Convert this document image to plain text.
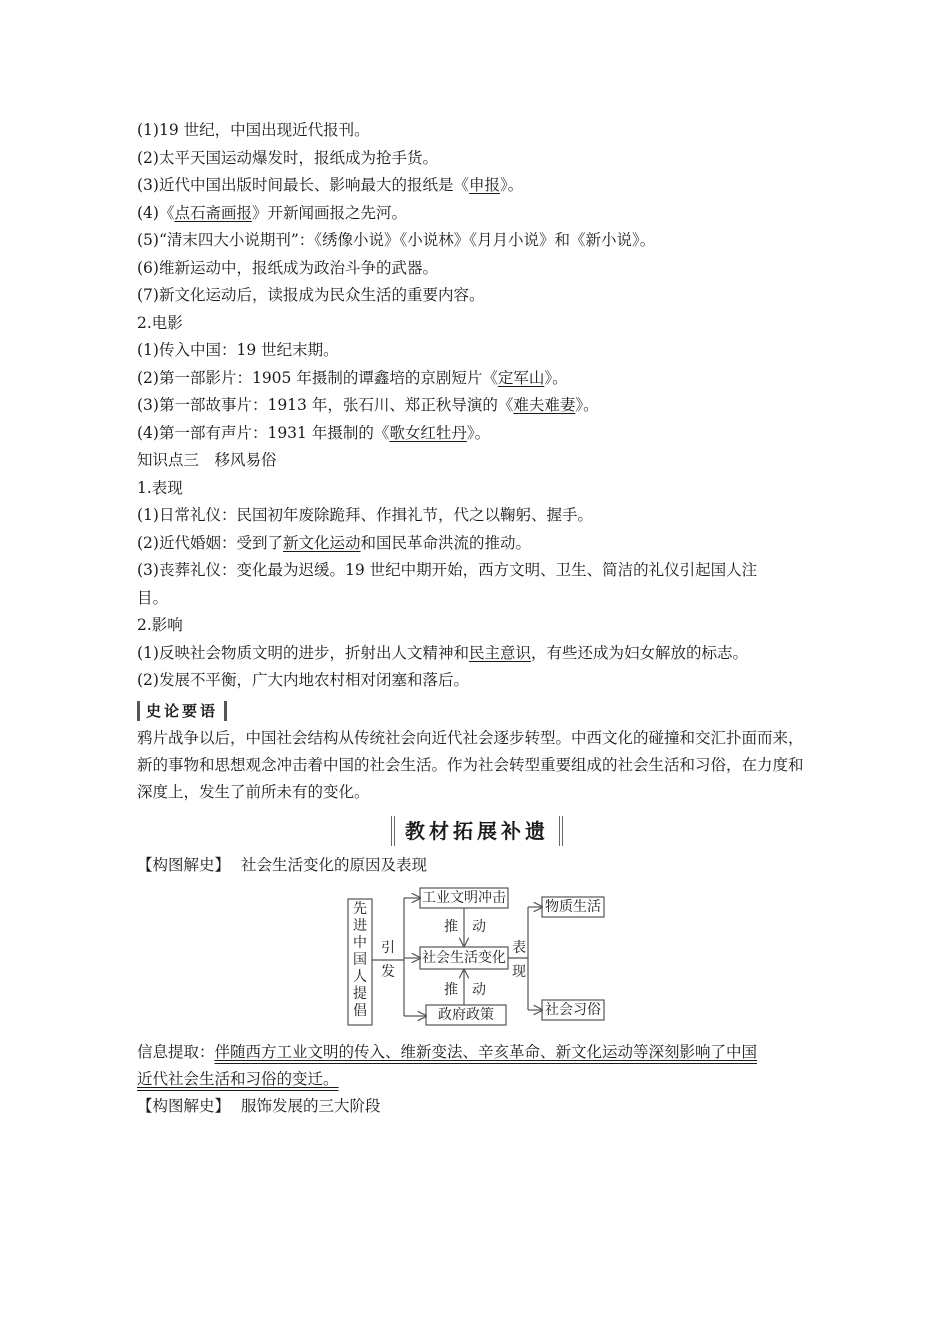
(1)19 世纪，中国出现近代报刊。
(2)太平天国运动爆发时，报纸成为抢手货。
(3)近代中国出版时间最长、影响最大的报纸是《申报》。
(4)《点石斋画报》开新闻画报之先河。
(5)“清末四大小说期刊”：《绣像小说》《小说林》《月月小说》和《新小说》。
(6)维新运动中，报纸成为政治斗争的武器。
(7)新文化运动后，读报成为民众生活的重要内容。
2.电影
(1)传入中国：19 世纪末期。
(2)第一部影片：1905 年摄制的谭鑫培的京剧短片《定军山》。
(3)第一部故事片：1913 年，张石川、郑正秋导演的《难夫难妻》。
(4)第一部有声片：1931 年摄制的《歌女红牡丹》。
知识点三　移风易俗
1.表现
(1)日常礼仪：民国初年废除跪拜、作揖礼节，代之以鞠躬、握手。
(2)近代婚姻：受到了新文化运动和国民革命洪流的推动。
(3)丧葬礼仪：变化最为迟缓。19 世纪中期开始，西方文明、卫生、简洁的礼仪引起国人注
目。
2.影响
(1)反映社会物质文明的进步，折射出人文精神和民主意识，有些还成为妇女解放的标志。
(2)发展不平衡，广大内地农村相对闭塞和落后。
史论要语
鸦片战争以后，中国社会结构从传统社会向近代社会逐步转型。中西文化的碰撞和交汇扑面而来，新的事物和思想观念冲击着中国的社会生活。作为社会转型重要组成的社会生活和习俗，在力度和深度上，发生了前所未有的变化。
教材拓展补遗
【构图解史】 社会生活变化的原因及表现
先进中国人提倡
引
发
工业文明冲击
社会生活变化
政府政策
推 动
推 动
表
现
物质生活
社会习俗
信息提取：伴随西方工业文明的传入、维新变法、辛亥革命、新文化运动等深刻影响了中国
近代社会生活和习俗的变迁。
【构图解史】 服饰发展的三大阶段
